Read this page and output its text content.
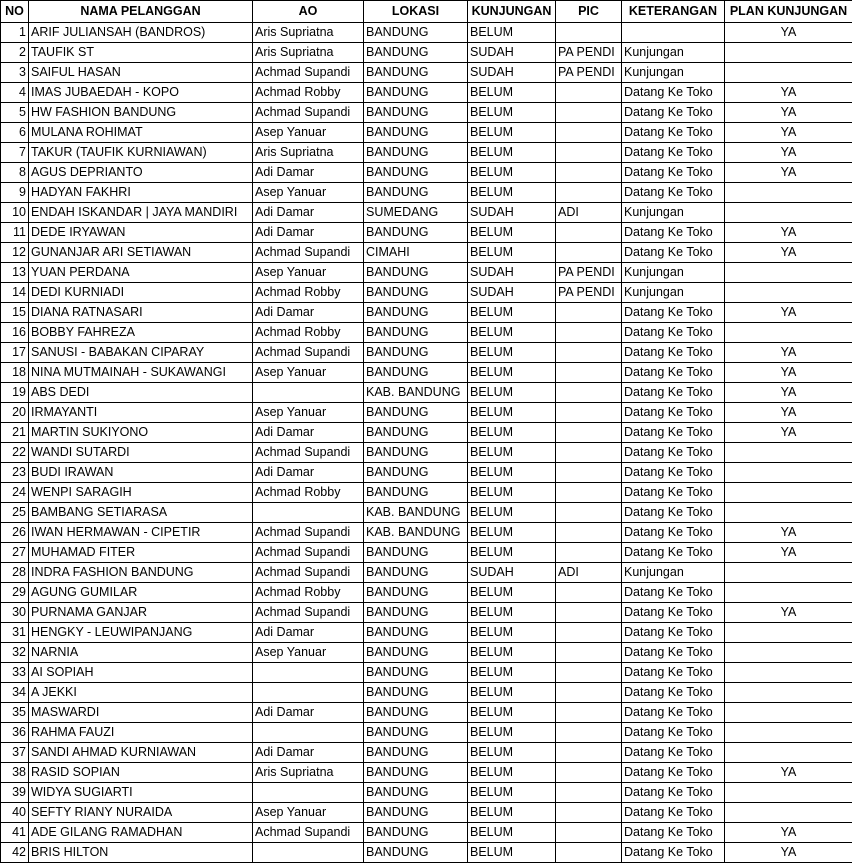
NO	NAMA PELANGGAN	AO	LOKASI	KUNJUNGAN	PIC	KETERANGAN	PLAN KUNJUNGAN
1	ARIF JULIANSAH (BANDROS)	Aris Supriatna	BANDUNG	BELUM			YA
2	TAUFIK ST	Aris Supriatna	BANDUNG	SUDAH	PA PENDI	Kunjungan	
3	SAIFUL HASAN	Achmad Supandi	BANDUNG	SUDAH	PA PENDI	Kunjungan	
4	IMAS JUBAEDAH - KOPO	Achmad Robby	BANDUNG	BELUM		Datang Ke Toko	YA
5	HW FASHION BANDUNG	Achmad Supandi	BANDUNG	BELUM		Datang Ke Toko	YA
6	MULANA ROHIMAT	Asep Yanuar	BANDUNG	BELUM		Datang Ke Toko	YA
7	TAKUR (TAUFIK KURNIAWAN)	Aris Supriatna	BANDUNG	BELUM		Datang Ke Toko	YA
8	AGUS DEPRIANTO	Adi Damar	BANDUNG	BELUM		Datang Ke Toko	YA
9	HADYAN FAKHRI	Asep Yanuar	BANDUNG	BELUM		Datang Ke Toko	
10	ENDAH ISKANDAR | JAYA MANDIRI	Adi Damar	SUMEDANG	SUDAH	ADI	Kunjungan	
11	DEDE IRYAWAN	Adi Damar	BANDUNG	BELUM		Datang Ke Toko	YA
12	GUNANJAR ARI SETIAWAN	Achmad Supandi	CIMAHI	BELUM		Datang Ke Toko	YA
13	YUAN PERDANA	Asep Yanuar	BANDUNG	SUDAH	PA PENDI	Kunjungan	
14	DEDI KURNIADI	Achmad Robby	BANDUNG	SUDAH	PA PENDI	Kunjungan	
15	DIANA RATNASARI	Adi Damar	BANDUNG	BELUM		Datang Ke Toko	YA
16	BOBBY FAHREZA	Achmad Robby	BANDUNG	BELUM		Datang Ke Toko	
17	SANUSI - BABAKAN CIPARAY	Achmad Supandi	BANDUNG	BELUM		Datang Ke Toko	YA
18	NINA MUTMAINAH - SUKAWANGI	Asep Yanuar	BANDUNG	BELUM		Datang Ke Toko	YA
19	ABS DEDI		KAB. BANDUNG	BELUM		Datang Ke Toko	YA
20	IRMAYANTI	Asep Yanuar	BANDUNG	BELUM		Datang Ke Toko	YA
21	MARTIN SUKIYONO	Adi Damar	BANDUNG	BELUM		Datang Ke Toko	YA
22	WANDI SUTARDI	Achmad Supandi	BANDUNG	BELUM		Datang Ke Toko	
23	BUDI IRAWAN	Adi Damar	BANDUNG	BELUM		Datang Ke Toko	
24	WENPI SARAGIH	Achmad Robby	BANDUNG	BELUM		Datang Ke Toko	
25	BAMBANG SETIARASA		KAB. BANDUNG	BELUM		Datang Ke Toko	
26	IWAN HERMAWAN - CIPETIR	Achmad Supandi	KAB. BANDUNG	BELUM		Datang Ke Toko	YA
27	MUHAMAD FITER	Achmad Supandi	BANDUNG	BELUM		Datang Ke Toko	YA
28	INDRA FASHION BANDUNG	Achmad Supandi	BANDUNG	SUDAH	ADI	Kunjungan	
29	AGUNG GUMILAR	Achmad Robby	BANDUNG	BELUM		Datang Ke Toko	
30	PURNAMA GANJAR	Achmad Supandi	BANDUNG	BELUM		Datang Ke Toko	YA
31	HENGKY - LEUWIPANJANG	Adi Damar	BANDUNG	BELUM		Datang Ke Toko	
32	NARNIA	Asep Yanuar	BANDUNG	BELUM		Datang Ke Toko	
33	AI SOPIAH		BANDUNG	BELUM		Datang Ke Toko	
34	A JEKKI		BANDUNG	BELUM		Datang Ke Toko	
35	MASWARDI	Adi Damar	BANDUNG	BELUM		Datang Ke Toko	
36	RAHMA FAUZI		BANDUNG	BELUM		Datang Ke Toko	
37	SANDI AHMAD KURNIAWAN	Adi Damar	BANDUNG	BELUM		Datang Ke Toko	
38	RASID SOPIAN	Aris Supriatna	BANDUNG	BELUM		Datang Ke Toko	YA
39	WIDYA SUGIARTI		BANDUNG	BELUM		Datang Ke Toko	
40	SEFTY RIANY NURAIDA	Asep Yanuar	BANDUNG	BELUM		Datang Ke Toko	
41	ADE GILANG RAMADHAN	Achmad Supandi	BANDUNG	BELUM		Datang Ke Toko	YA
42	BRIS HILTON		BANDUNG	BELUM		Datang Ke Toko	YA
